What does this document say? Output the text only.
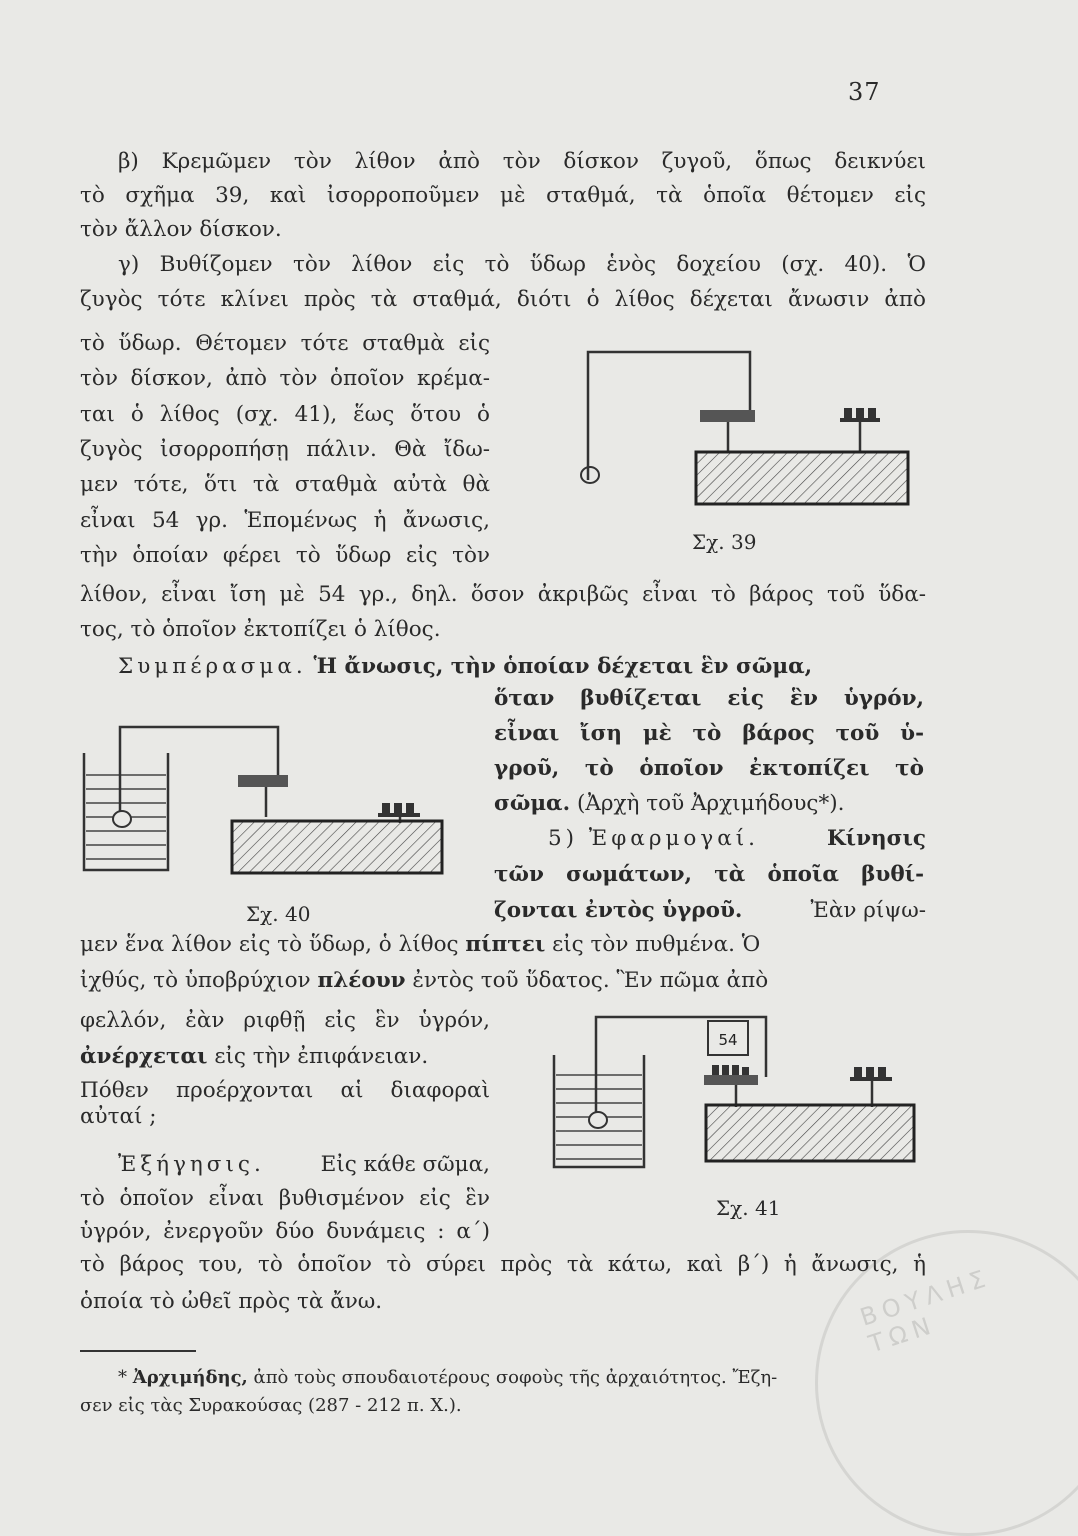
37
β) Κρεμῶμεν τὸν λίθον ἀπὸ τὸν δίσκον ζυγοῦ, ὅπως δεικνύει
τὸ σχῆμα 39, καὶ ἰσορροποῦμεν μὲ σταθμά, τὰ ὁποῖα θέτομεν εἰς
τὸν ἄλλον δίσκον.
γ) Βυθίζομεν τὸν λίθον εἰς τὸ ὕδωρ ἑνὸς δοχείου (σχ. 40). Ὁ
ζυγὸς τότε κλίνει πρὸς τὰ σταθμά, διότι ὁ λίθος δέχεται ἄνωσιν ἀπὸ
τὸ ὕδωρ. Θέτομεν τότε σταθμὰ εἰς
τὸν δίσκον, ἀπὸ τὸν ὁποῖον κρέμα-
ται ὁ λίθος (σχ. 41), ἕως ὅτου ὁ
ζυγὸς ἰσορροπήσῃ πάλιν. Θὰ ἴδω-
μεν τότε, ὅτι τὰ σταθμὰ αὐτὰ θὰ
εἶναι 54 γρ. Ἑπομένως ἡ ἄνωσις,
τὴν ὁποίαν φέρει τὸ ὕδωρ εἰς τὸν
λίθον, εἶναι ἴση μὲ 54 γρ., δηλ. ὅσον ἀκριβῶς εἶναι τὸ βάρος τοῦ ὕδα-
τος, τὸ ὁποῖον ἐκτοπίζει ὁ λίθος.
Σχ. 39
Συμπέρασμα. Ἡ ἄνωσις, τὴν ὁποίαν δέχεται ἓν σῶμα,
ὅταν βυθίζεται εἰς ἓν ὑγρόν,
εἶναι ἴση μὲ τὸ βάρος τοῦ ὑ-
γροῦ, τὸ ὁποῖον ἐκτοπίζει τὸ
σῶμα. (Ἀρχὴ τοῦ Ἀρχιμήδους*).
Σχ. 40
5) Ἐφαρμογαί.	Κίνησις
τῶν σωμάτων, τὰ ὁποῖα βυθί-
ζονται ἐντὸς ὑγροῦ.	Ἐὰν ρίψω-
μεν ἕνα λίθον εἰς τὸ ὕδωρ, ὁ λίθος πίπτει εἰς τὸν πυθμένα. Ὁ
ἰχθύς, τὸ ὑποβρύχιον πλέουν ἐντὸς τοῦ ὕδατος. Ἓν πῶμα ἀπὸ
φελλόν, ἐὰν ριφθῇ εἰς ἓν ὑγρόν,
ἀνέρχεται εἰς τὴν ἐπιφάνειαν.
Πόθεν προέρχονται αἱ διαφοραὶ
αὐταί ;
Ἐξήγησις.	Εἰς κάθε σῶμα,
τὸ ὁποῖον εἶναι βυθισμένον εἰς ἓν
ὑγρόν, ἐνεργοῦν δύο δυνάμεις : α΄)
τὸ βάρος του, τὸ ὁποῖον τὸ σύρει πρὸς τὰ κάτω, καὶ β΄) ἡ ἄνωσις, ἡ
ὁποία τὸ ὠθεῖ πρὸς τὰ ἄνω.
54
Σχ. 41
ΒΟΥΛΗΣ ΤΩΝ
* Ἀρχιμήδης, ἀπὸ τοὺς σπουδαιοτέρους σοφοὺς τῆς ἀρχαιότητος. Ἔζη-
σεν εἰς τὰς Συρακούσας (287 - 212 π. Χ.).
